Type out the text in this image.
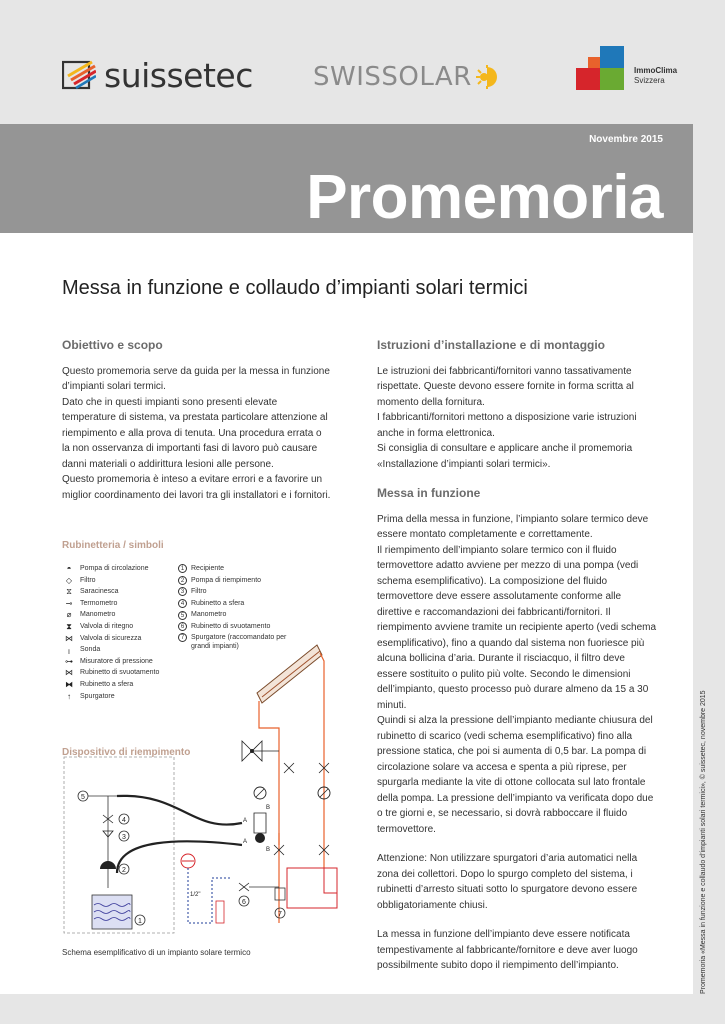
suissetec SWISSOLAR	ImmoClima
Svizzera
Novembre 2015
Promemoria
Messa in funzione e collaudo d’impianti solari termici
Obiettivo e scopo

Questo promemoria serve da guida per la messa in funzione d’impianti solari termici.

Dato che in questi impianti sono presenti elevate temperature di sistema, va prestata particolare attenzione al riempimento e alla prova di tenuta. Una procedura errata o la non osservanza di importanti fasi di lavoro può causare danni materiali o addirittura lesioni alle persone.

Questo promemoria è inteso a evitare errori e a favorire un miglior coordinamento dei lavori tra gli installatori e i fornitori.

Istruzioni d’installazione e di montaggio

Le istruzioni dei fabbricanti/fornitori vanno tassativamente rispettate. Queste devono essere fornite in forma scritta al momento della fornitura.

I fabbricanti/fornitori mettono a disposizione varie istruzioni anche in forma elettronica.

Si consiglia di consultare e applicare anche il promemoria «Installazione d’impianti solari termici».

Messa in funzione

Prima della messa in funzione, l’impianto solare termico deve essere montato completamente e correttamente.

Il riempimento dell’impianto solare termico con il fluido termovettore adatto avviene per mezzo di una pompa (vedi schema esemplificativo). La composizione del fluido termovettore deve essere assolutamente conforme alle direttive e raccomandazioni dei fabbricanti/fornitori. Il riempimento avviene tramite un recipiente aperto (vedi schema esemplificativo), fino a quando dal sistema non fuoriesce più alcuna bollicina d’aria. Durante il risciacquo, il filtro deve essere sostituito o pulito più volte. Secondo le dimensioni dell’impianto, questo processo può durare almeno da 15 a 30 minuti.

Quindi si alza la pressione dell’impianto mediante chiusura del rubinetto di scarico (vedi schema esemplificativo) fino alla pressione statica, che poi si aumenta di 0,5 bar. La pompa di circolazione solare va accesa e spenta a più riprese, per spurgarla mediante la vite di ottone collocata sul lato frontale della pompa. La pressione dell’impianto va verificata dopo due o tre giorni e, se necessario, si dovrà rabboccare il fluido termovettore.

Attenzione: Non utilizzare spurgatori d’aria automatici nella zona dei collettori. Dopo lo spurgo completo del sistema, i rubinetti d’arresto situati sotto lo spurgatore devono essere obbligatoriamente chiusi.

La messa in funzione dell’impianto deve essere notificata tempestivamente al fabbricante/fornitore e deve aver luogo possibilmente subito dopo il riempimento dell’impianto.

Rubinetteria / simboli
◓	Pompa di circolazione
◇	Filtro
⧖	Saracinesca
⊸	Termometro
⌀	Manometro
⧗	Valvola di ritegno
⋈	Valvola di sicurezza
╷	Sonda
⊶	Misuratore di pressione
⋈	Rubinetto di svuotamento
⧓	Rubinetto a sfera
↑	Spurgatore
1 Recipiente
2 Pompa di riempimento
3 Filtro
4 Rubinetto a sfera
5 Manometro
6 Rubinetto di svuotamento
7 Spurgatore (raccomandato per grandi impianti)
Dispositivo di riempimento
5
4
3
2
1
A
A
B
B
1/2"
6
7
Schema esemplificativo di un impianto solare termico	Promemoria «Messa in funzione e collaudo d’impianti solari termici», © suissetec, novembre 2015
